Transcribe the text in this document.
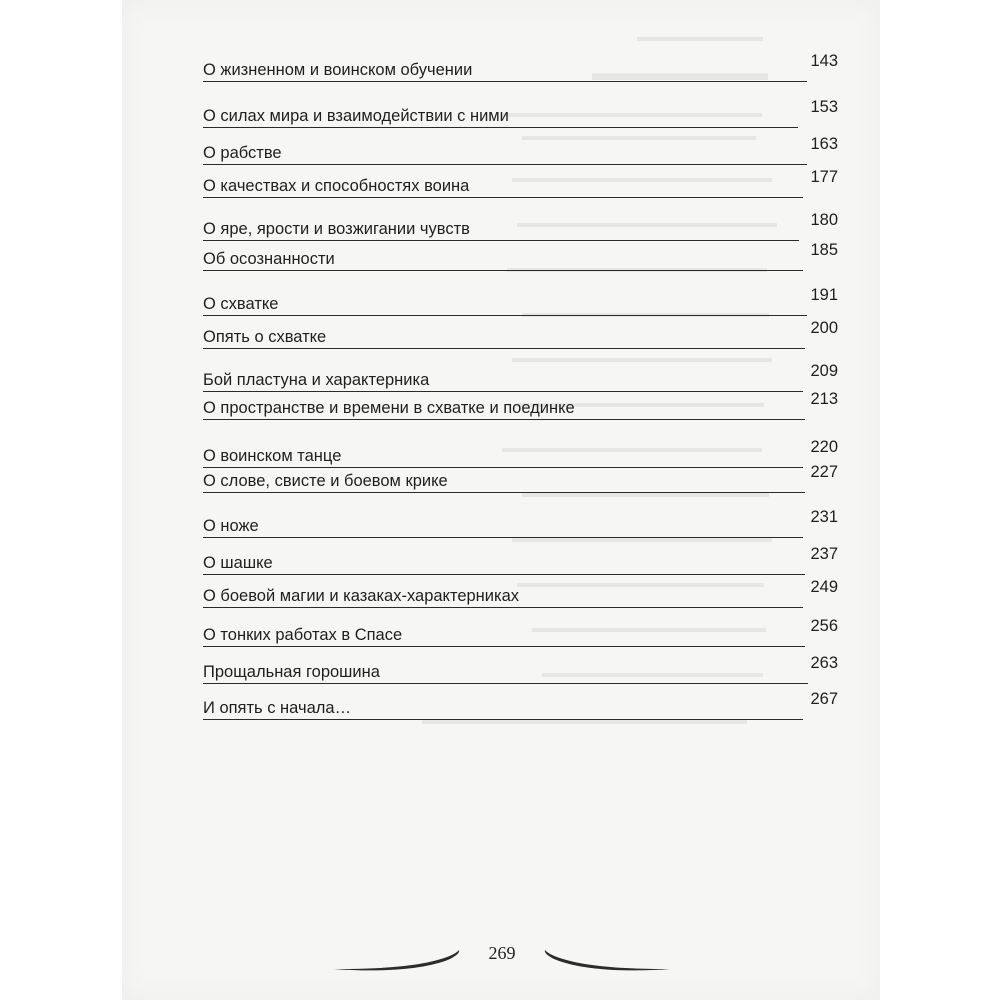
▬▬▬▬▬▬▬▬▬
▬▬▬▬▬▬▬▬
▬▬▬▬▬▬▬▬▬▬▬▬▬▬▬▬▬▬▬▬
▬▬▬▬▬▬▬▬▬▬▬▬▬▬▬▬▬▬
▬▬▬▬▬▬▬▬▬▬▬▬▬▬▬▬▬▬▬▬
▬▬▬▬▬▬▬▬▬▬▬▬▬▬▬▬▬▬▬▬
▬▬▬▬▬▬▬▬▬▬▬▬▬▬▬▬▬▬▬▬
▬▬▬▬▬▬▬▬▬▬▬▬▬▬▬▬▬▬▬
▬▬▬▬▬▬▬▬▬▬▬▬▬▬▬▬▬▬▬▬
▬▬▬▬▬▬▬▬▬▬▬▬▬▬▬▬▬▬▬
▬▬▬▬▬▬▬▬▬▬▬▬▬▬▬▬▬▬▬▬
▬▬▬▬▬▬▬▬▬▬▬▬▬▬▬▬▬▬▬
▬▬▬▬▬▬▬▬▬▬▬▬▬▬▬▬▬▬▬▬
▬▬▬▬▬▬▬▬▬▬▬▬▬▬▬▬▬▬▬
▬▬▬▬▬▬▬▬▬▬▬▬▬▬▬▬▬▬
▬▬▬▬▬▬▬▬▬▬▬▬▬▬▬▬▬
▬▬▬▬▬▬▬▬▬▬▬▬▬▬▬▬▬▬▬▬▬▬▬▬▬
О жизненном и воинском обучении	143
О силах мира и взаимодействии с ними	153
О рабстве	163
О качествах и способностях воина	177
О яре, ярости и возжигании чувств	180
Об осознанности	185
О схватке	191
Опять о схватке	200
Бой пластуна и характерника	209
О пространстве и времени в схватке и поединке	213
О воинском танце	220
О слове, свисте и боевом крике	227
О ноже	231
О шашке	237
О боевой магии и казаках-характерниках	249
О тонких работах в Спасе	256
Прощальная горошина	263
И опять с начала…	267
269
